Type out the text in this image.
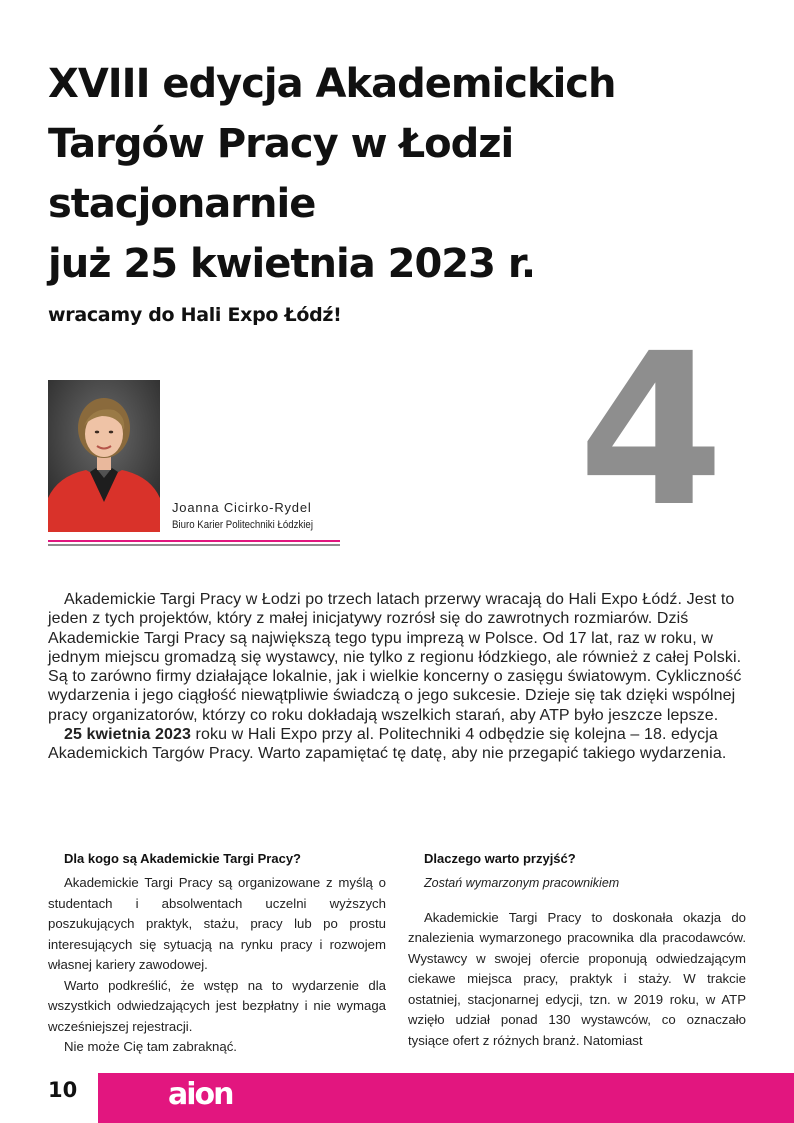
XVIII edycja Akademickich
Targów Pracy w Łodzi
stacjonarnie
już 25 kwietnia 2023 r.
wracamy do Hali Expo Łódź! 4
Joanna Cicirko-Rydel
Biuro Karier Politechniki Łódzkiej

Akademickie Targi Pracy w Łodzi po trzech latach przerwy wracają do Hali Expo Łódź. Jest to jeden z tych projektów, który z małej inicjatywy rozrósł się do zawrotnych rozmiarów. Dziś Akademickie Targi Pracy są największą tego typu imprezą w Polsce. Od 17 lat, raz w roku, w jednym miejscu gromadzą się wystawcy, nie tylko z regionu łódzkiego, ale również z całej Polski. Są to zarówno firmy działające lokalnie, jak i wielkie koncerny o zasięgu światowym. Cykliczność wydarzenia i jego ciągłość niewątpliwie świadczą o jego sukcesie. Dzieje się tak dzięki wspólnej pracy organizatorów, którzy co roku dokładają wszelkich starań, aby ATP było jeszcze lepsze.

25 kwietnia 2023 roku w Hali Expo przy al. Politechniki 4 odbędzie się kolejna – 18. edycja Akademickich Targów Pracy. Warto zapamiętać tę datę, aby nie przegapić takiego wydarzenia.

Dla kogo są Akademickie Targi Pracy?

Akademickie Targi Pracy są organizowane z myślą o studentach i absolwentach uczelni wyższych poszukujących praktyk, stażu, pracy lub po prostu interesujących się sytuacją na rynku pracy i rozwojem własnej kariery zawodowej.

Warto podkreślić, że wstęp na to wydarzenie dla wszystkich odwiedzających jest bezpłatny i nie wymaga wcześniejszej rejestracji.

Nie może Cię tam zabraknąć.

Dlaczego warto przyjść?
Zostań wymarzonym pracownikiem

Akademickie Targi Pracy to doskonała okazja do znalezienia wymarzonego pracownika dla pracodawców. Wystawcy w swojej ofercie proponują odwiedzającym ciekawe miejsca pracy, praktyk i staży. W trakcie ostatniej, stacjonarnej edycji, tzn. w 2019 roku, w ATP wzięło udział ponad 130 wystawców, co oznaczało tysiące ofert z różnych branż. Natomiast

10	aion
